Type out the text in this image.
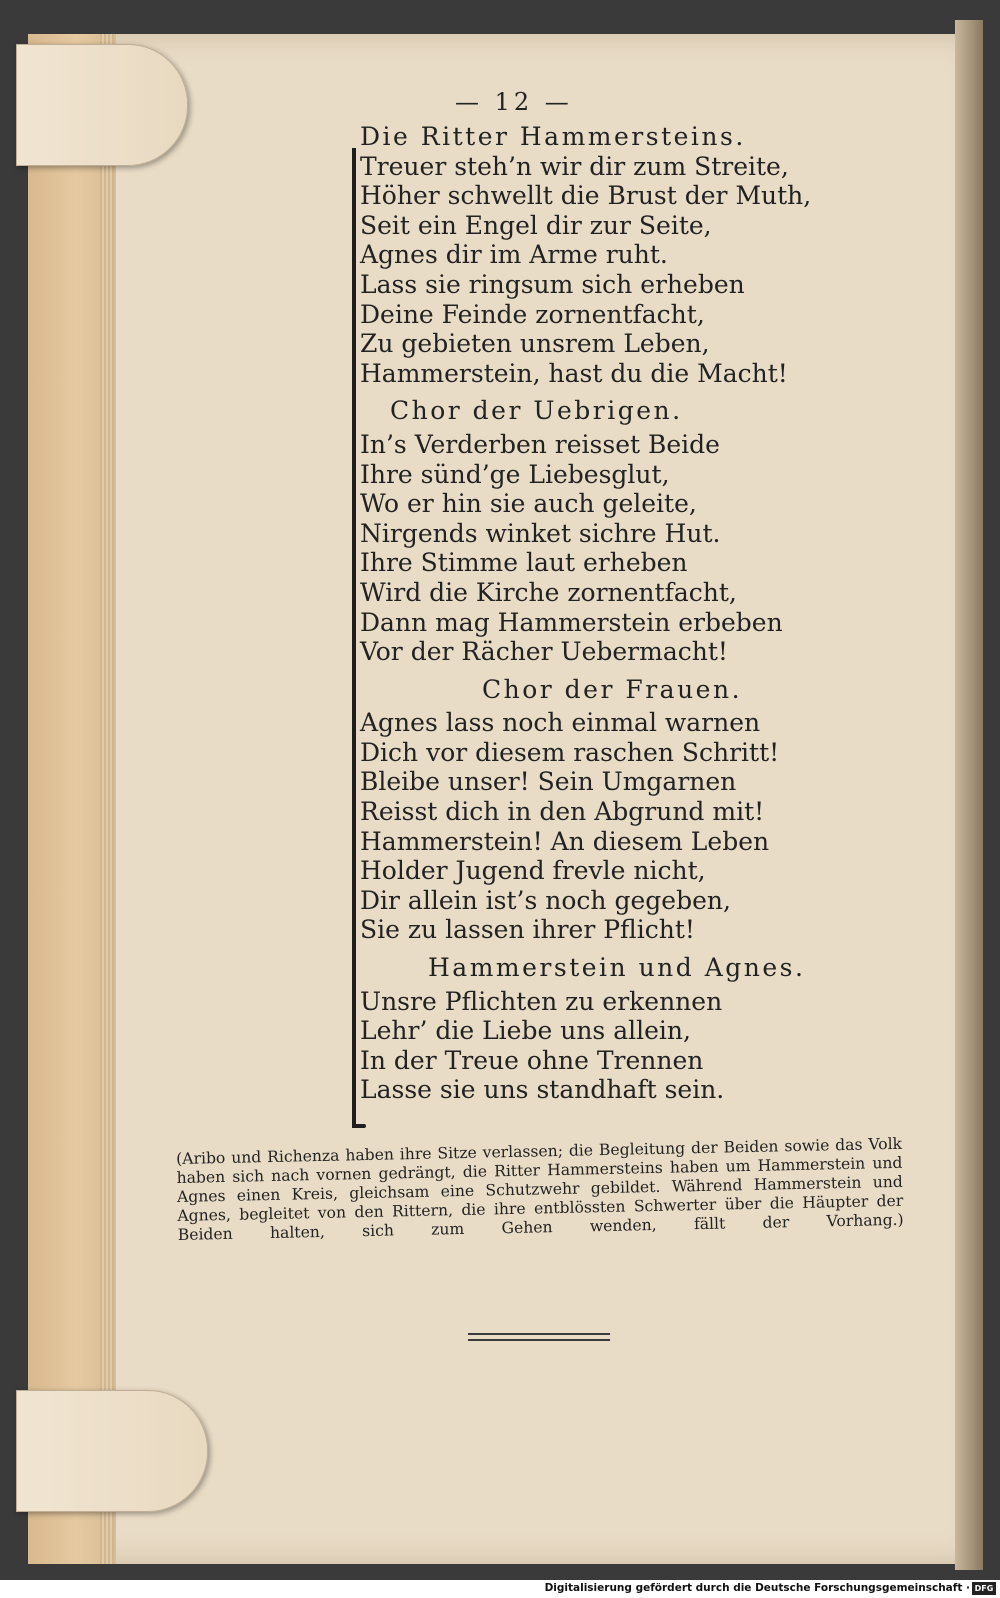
— 12 —

Die Ritter Hammersteins.

Treuer steh’n wir dir zum Streite,

Höher schwellt die Brust der Muth,

Seit ein Engel dir zur Seite,

Agnes dir im Arme ruht.

Lass sie ringsum sich erheben

Deine Feinde zornentfacht,

Zu gebieten unsrem Leben,

Hammerstein, hast du die Macht!

Chor der Uebrigen.

In’s Verderben reisset Beide

Ihre sünd’ge Liebesglut,

Wo er hin sie auch geleite,

Nirgends winket sichre Hut.

Ihre Stimme laut erheben

Wird die Kirche zornentfacht,

Dann mag Hammerstein erbeben

Vor der Rächer Uebermacht!

Chor der Frauen.

Agnes lass noch einmal warnen

Dich vor diesem raschen Schritt!

Bleibe unser! Sein Umgarnen

Reisst dich in den Abgrund mit!

Hammerstein! An diesem Leben

Holder Jugend frevle nicht,

Dir allein ist’s noch gegeben,

Sie zu lassen ihrer Pflicht!

Hammerstein und Agnes.

Unsre Pflichten zu erkennen

Lehr’ die Liebe uns allein,

In der Treue ohne Trennen

Lasse sie uns standhaft sein.

(Aribo und Richenza haben ihre Sitze verlassen; die Begleitung der Beiden sowie das Volk haben sich nach vornen gedrängt, die Ritter Hammersteins haben um Hammerstein und Agnes einen Kreis, gleichsam eine Schutzwehr gebildet. Während Hammerstein und Agnes, begleitet von den Rittern, die ihre entblössten Schwerter über die Häupter der Beiden halten, sich zum Gehen wenden, fällt der Vorhang.)
Digitalisierung gefördert durch die Deutsche Forschungsgemeinschaft · DFG
